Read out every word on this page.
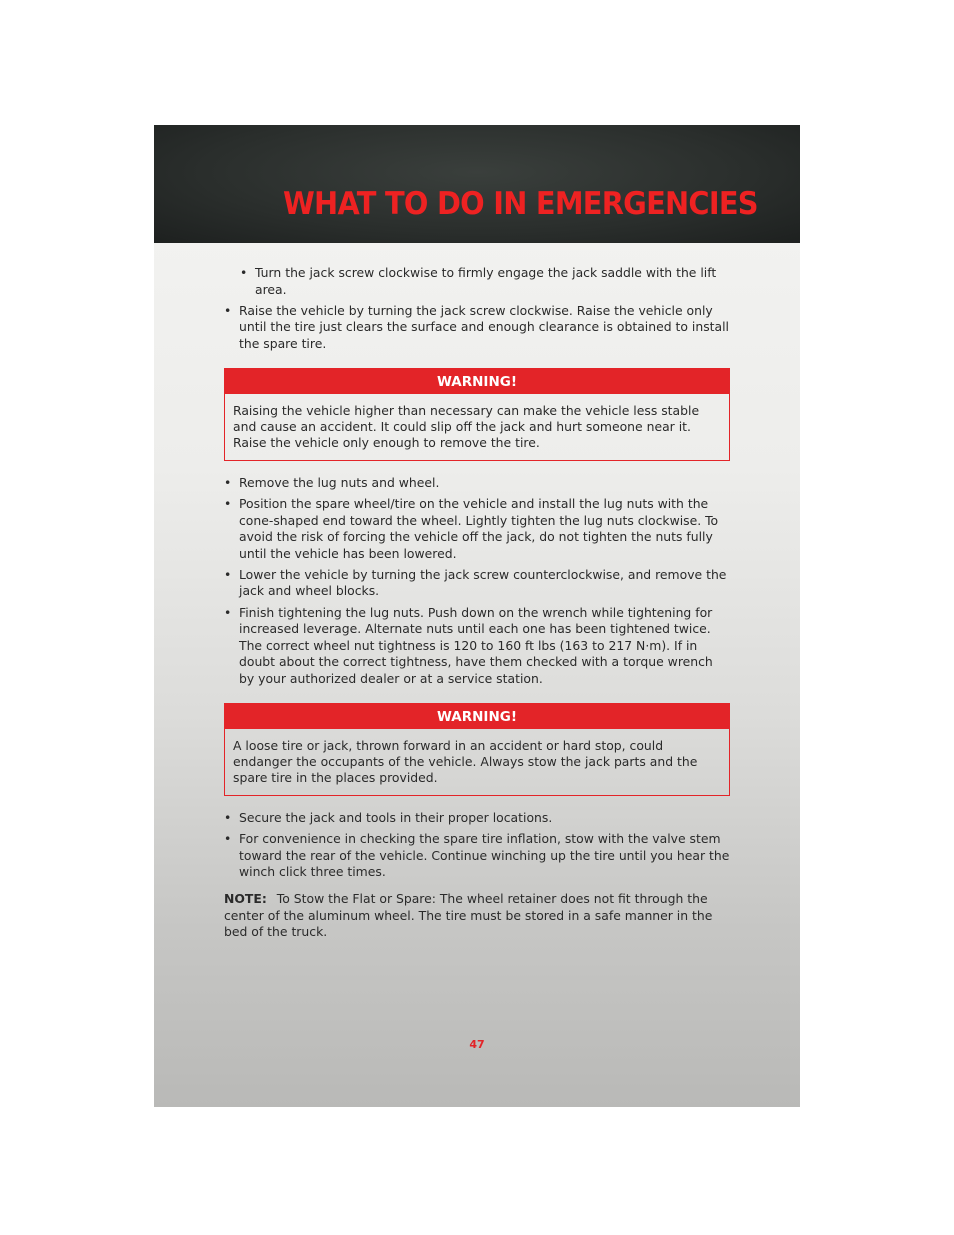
WHAT TO DO IN EMERGENCIES
• Turn the jack screw clockwise to firmly engage the jack saddle with the lift area.
• Raise the vehicle by turning the jack screw clockwise. Raise the vehicle only until the tire just clears the surface and enough clearance is obtained to install the spare tire.
WARNING!
Raising the vehicle higher than necessary can make the vehicle less stable and cause an accident. It could slip off the jack and hurt someone near it. Raise the vehicle only enough to remove the tire.
• Remove the lug nuts and wheel.
• Position the spare wheel/tire on the vehicle and install the lug nuts with the cone-shaped end toward the wheel. Lightly tighten the lug nuts clockwise. To avoid the risk of forcing the vehicle off the jack, do not tighten the nuts fully until the vehicle has been lowered.
• Lower the vehicle by turning the jack screw counterclockwise, and remove the jack and wheel blocks.
• Finish tightening the lug nuts. Push down on the wrench while tightening for increased leverage. Alternate nuts until each one has been tightened twice. The correct wheel nut tightness is 120 to 160 ft lbs (163 to 217 N·m). If in doubt about the correct tightness, have them checked with a torque wrench by your authorized dealer or at a service station.
WARNING!
A loose tire or jack, thrown forward in an accident or hard stop, could endanger the occupants of the vehicle. Always stow the jack parts and the spare tire in the places provided.
• Secure the jack and tools in their proper locations.
• For convenience in checking the spare tire inflation, stow with the valve stem toward the rear of the vehicle. Continue winching up the tire until you hear the winch click three times.
NOTE: To Stow the Flat or Spare: The wheel retainer does not fit through the center of the aluminum wheel. The tire must be stored in a safe manner in the bed of the truck.
47
